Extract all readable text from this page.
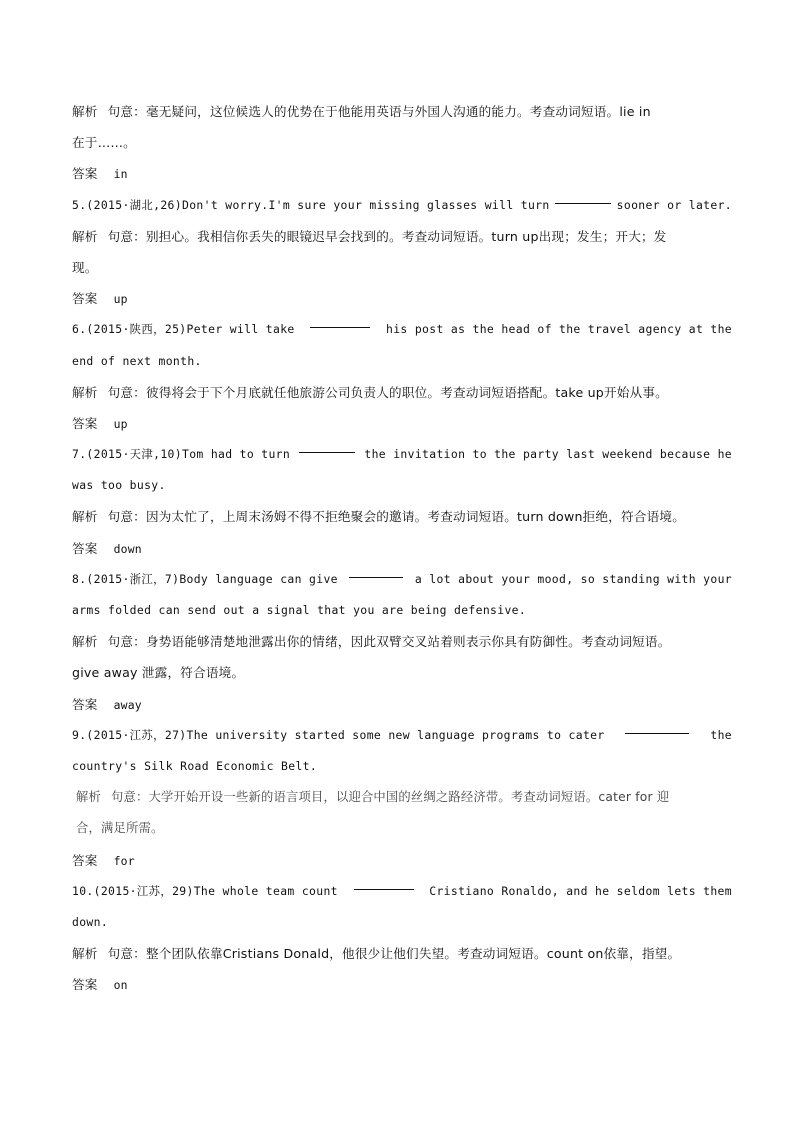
解析 句意：毫无疑问，这位候选人的优势在于他能用英语与外国人沟通的能力。考查动词短语。lie in
在于……。
答案 in
5.(2015·湖北,26)Don't worry.I'm sure your missing glasses will turn	sooner or later.
解析 句意：别担心。我相信你丢失的眼镜迟早会找到的。考查动词短语。turn up出现；发生；开大；发
现。
答案 up
6.(2015·陕西，25)Peter will take	his post as the head of the travel agency at the
end of next month.
解析 句意：彼得将会于下个月底就任他旅游公司负责人的职位。考查动词短语搭配。take up开始从事。
答案 up
7.(2015·天津,10)Tom had to turn	the invitation to the party last weekend because he
was too busy.
解析 句意：因为太忙了，上周末汤姆不得不拒绝聚会的邀请。考查动词短语。turn down拒绝，符合语境。
答案 down
8.(2015·浙江，7)Body language can give	a lot about your mood, so standing with your
arms folded can send out a signal that you are being defensive.
解析 句意：身势语能够清楚地泄露出你的情绪，因此双臂交叉站着则表示你具有防御性。考查动词短语。
give away 泄露，符合语境。
答案 away
9.(2015·江苏，27)The university started some new language programs to cater	the
country's Silk Road Economic Belt.
解析 句意：大学开始开设一些新的语言项目，以迎合中国的丝绸之路经济带。考查动词短语。cater for 迎
合，满足所需。
答案 for
10.(2015·江苏，29)The whole team count	Cristiano Ronaldo, and he seldom lets them
down.
解析 句意：整个团队依靠Cristians Donald，他很少让他们失望。考查动词短语。count on依靠，指望。
答案 on
